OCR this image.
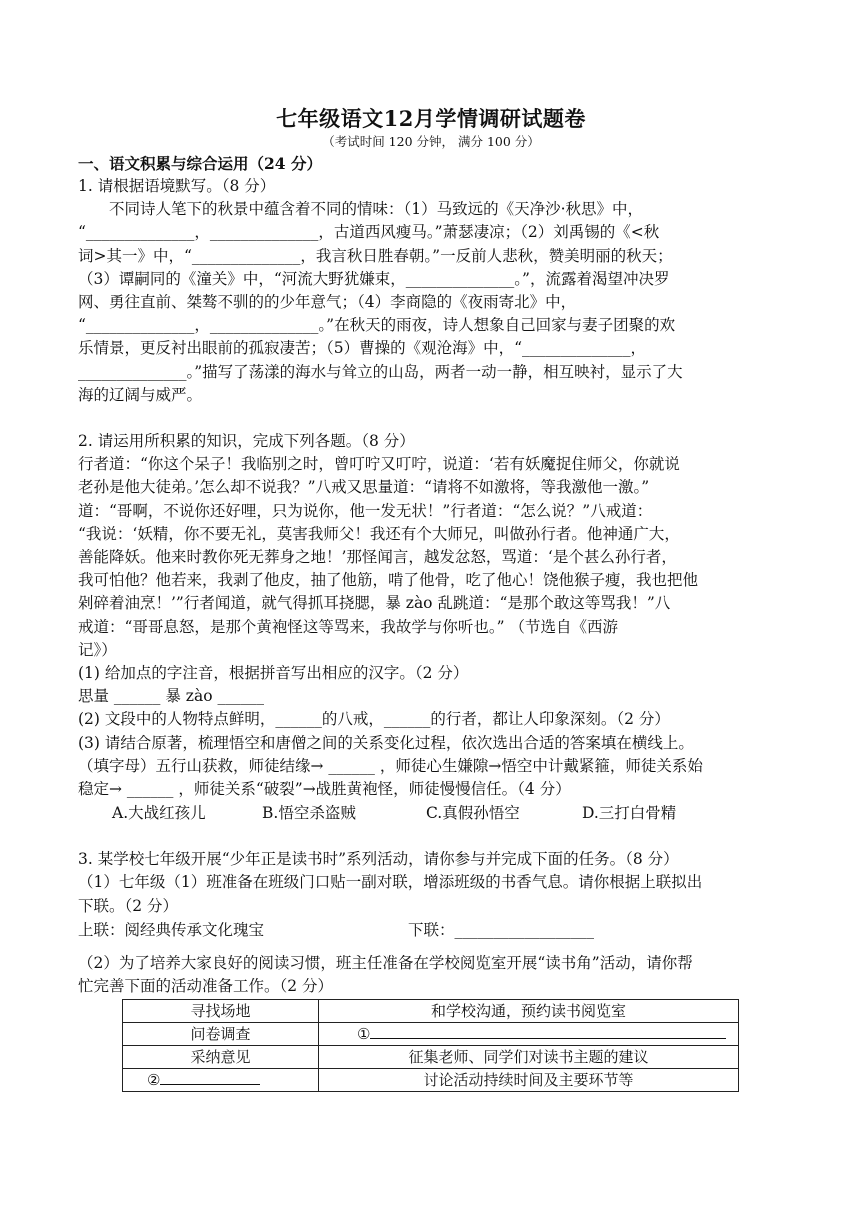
七年级语文12月学情调研试题卷
（考试时间 120 分钟， 满分 100 分）
一、语文积累与综合运用（24 分）

1. 请根据语境默写。（8 分）

不同诗人笔下的秋景中蕴含着不同的情味：（1）马致远的《天净沙·秋思》中，

“______________，______________，古道西风瘦马。”萧瑟凄凉；（2）刘禹锡的《<秋

词>其一》中，“______________，我言秋日胜春朝。”一反前人悲秋，赞美明丽的秋天；

（3）谭嗣同的《潼关》中，“河流大野犹嫌束，______________。”，流露着渴望冲决罗

网、勇往直前、桀骜不驯的的少年意气；（4）李商隐的《夜雨寄北》中，

“______________，______________。”在秋天的雨夜，诗人想象自己回家与妻子团聚的欢

乐情景，更反衬出眼前的孤寂凄苦；（5）曹操的《观沧海》中，“______________，

______________。”描写了荡漾的海水与耸立的山岛，两者一动一静，相互映衬，显示了大

海的辽阔与威严。

2. 请运用所积累的知识，完成下列各题。（8 分）

行者道：“你这个呆子！我临别之时，曾叮咛又叮咛，说道：‘若有妖魔捉住师父，你就说

老孙是他大徒弟。’怎么却不说我？”八戒又思量道：“请将不如激将，等我激他一激。”

道：“哥啊，不说你还好哩，只为说你，他一发无状！”行者道：“怎么说？”八戒道：

“我说：‘妖精，你不要无礼，莫害我师父！我还有个大师兄，叫做孙行者。他神通广大，

善能降妖。他来时教你死无葬身之地！’那怪闻言，越发忿怒，骂道：‘是个甚么孙行者，

我可怕他？他若来，我剥了他皮，抽了他筋，啃了他骨，吃了他心！饶他猴子瘦，我也把他

剁碎着油烹！’”行者闻道，就气得抓耳挠腮，暴 zào 乱跳道：“是那个敢这等骂我！”八

戒道：“哥哥息怒，是那个黄袍怪这等骂来，我故学与你听也。” （节选自《西游

记》）

(1) 给加点的字注音，根据拼音写出相应的汉字。（2 分）

思量 ______ 暴 zào ______

(2) 文段中的人物特点鲜明，______的八戒，______的行者，都让人印象深刻。（2 分）

(3) 请结合原著，梳理悟空和唐僧之间的关系变化过程，依次选出合适的答案填在横线上。

（填字母）五行山获救，师徒结缘→ ______ ，师徒心生嫌隙→悟空中计戴紧箍，师徒关系始

稳定→ ______ ，师徒关系“破裂”→战胜黄袍怪，师徒慢慢信任。（4 分）

A.大战红孩儿	B.悟空杀盗贼	C.真假孙悟空	D.三打白骨精

3. 某学校七年级开展“少年正是读书时”系列活动，请你参与并完成下面的任务。（8 分）

（1）七年级（1）班准备在班级门口贴一副对联，增添班级的书香气息。请你根据上联拟出

下联。（2 分）

上联：阅经典传承文化瑰宝	下联：__________________

（2）为了培养大家良好的阅读习惯，班主任准备在学校阅览室开展“读书角”活动，请你帮

忙完善下面的活动准备工作。（2 分）

寻找场地	和学校沟通，预约读书阅览室
问卷调查	①
采纳意见	征集老师、同学们对读书主题的建议
②	讨论活动持续时间及主要环节等
